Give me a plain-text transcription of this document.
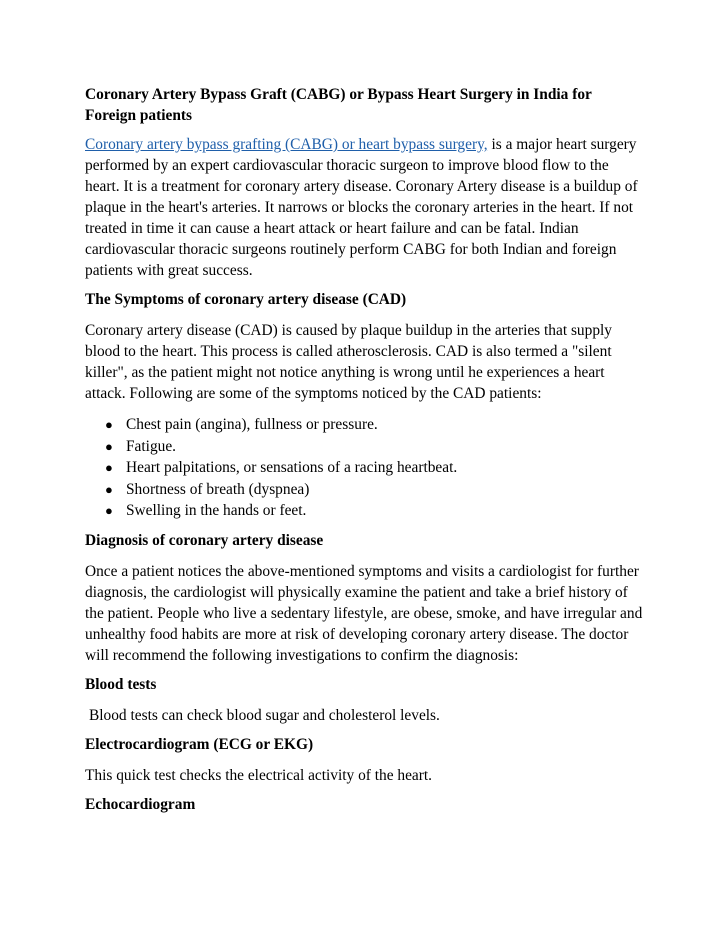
Coronary Artery Bypass Graft (CABG) or Bypass Heart Surgery in India for Foreign patients

Coronary artery bypass grafting (CABG) or heart bypass surgery, is a major heart surgery performed by an expert cardiovascular thoracic surgeon to improve blood flow to the heart. It is a treatment for coronary artery disease. Coronary Artery disease is a buildup of plaque in the heart's arteries. It narrows or blocks the coronary arteries in the heart. If not treated in time it can cause a heart attack or heart failure and can be fatal. Indian cardiovascular thoracic surgeons routinely perform CABG for both Indian and foreign patients with great success.

The Symptoms of coronary artery disease (CAD)

Coronary artery disease (CAD) is caused by plaque buildup in the arteries that supply blood to the heart. This process is called atherosclerosis. CAD is also termed a "silent killer", as the patient might not notice anything is wrong until he experiences a heart attack. Following are some of the symptoms noticed by the CAD patients:

● Chest pain (angina), fullness or pressure.
● Fatigue.
● Heart palpitations, or sensations of a racing heartbeat.
● Shortness of breath (dyspnea)
● Swelling in the hands or feet.
Diagnosis of coronary artery disease

Once a patient notices the above-mentioned symptoms and visits a cardiologist for further diagnosis, the cardiologist will physically examine the patient and take a brief history of the patient. People who live a sedentary lifestyle, are obese, smoke, and have irregular and unhealthy food habits are more at risk of developing coronary artery disease. The doctor will recommend the following investigations to confirm the diagnosis:

Blood tests

Blood tests can check blood sugar and cholesterol levels.

Electrocardiogram (ECG or EKG)

This quick test checks the electrical activity of the heart.

Echocardiogram
